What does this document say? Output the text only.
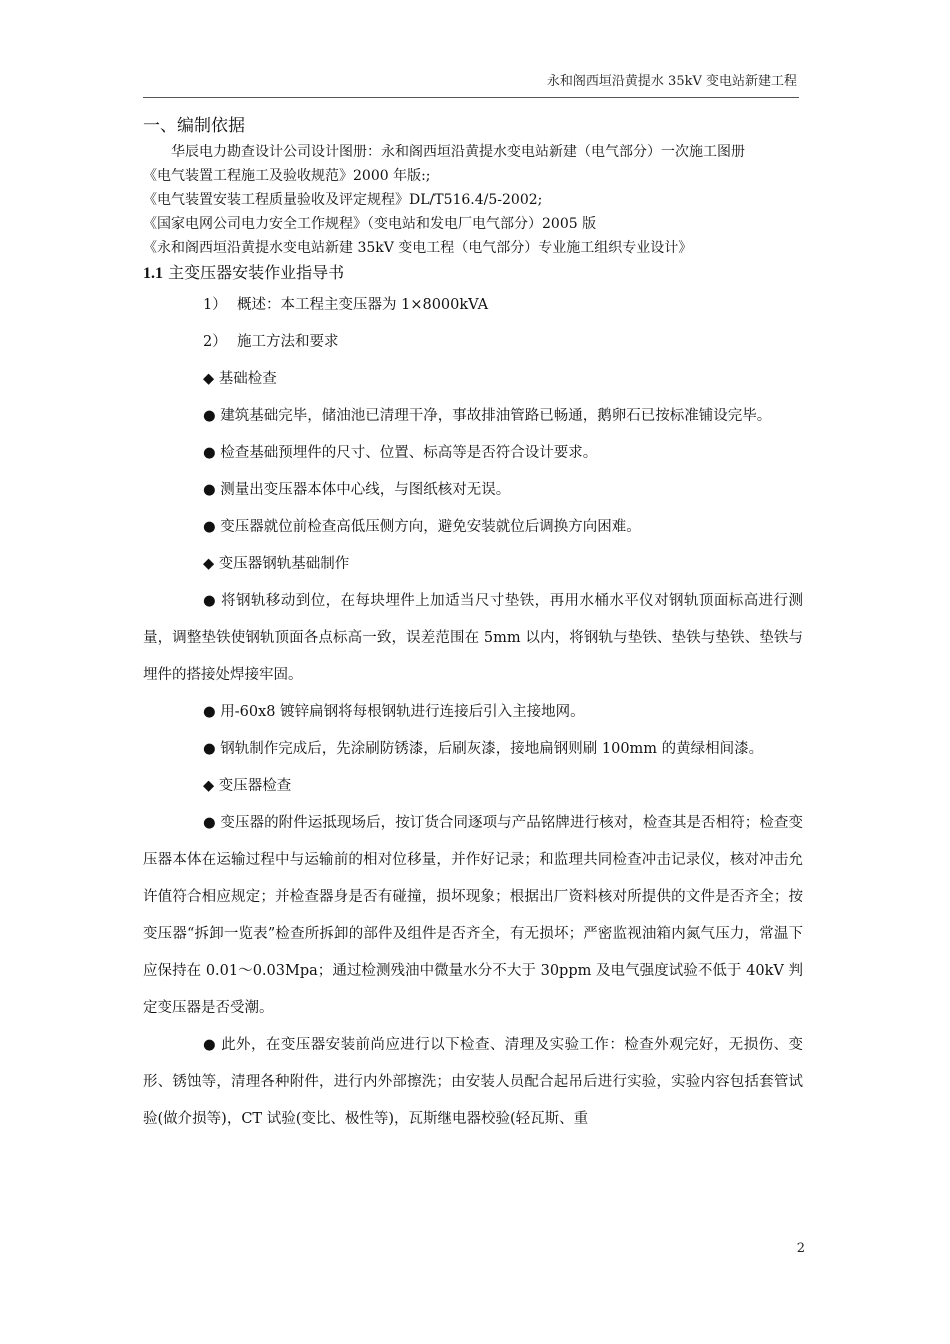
永和阁西垣沿黄提水 35kV 变电站新建工程

一、编制依据

华辰电力勘查设计公司设计图册：永和阁西垣沿黄提水变电站新建（电气部分）一次施工图册

《电气装置工程施工及验收规范》2000 年版:;

《电气装置安装工程质量验收及评定规程》DL/T516.4/5-2002;

《国家电网公司电力安全工作规程》（变电站和发电厂电气部分）2005 版

《永和阁西垣沿黄提水变电站新建 35kV 变电工程（电气部分）专业施工组织专业设计》

1.1 主变压器安装作业指导书

1） 概述：本工程主变压器为 1×8000kVA

2） 施工方法和要求

◆ 基础检查

● 建筑基础完毕，储油池已清理干净，事故排油管路已畅通，鹅卵石已按标准铺设完毕。

● 检查基础预埋件的尺寸、位置、标高等是否符合设计要求。

● 测量出变压器本体中心线，与图纸核对无误。

● 变压器就位前检查高低压侧方向，避免安装就位后调换方向困难。

◆ 变压器钢轨基础制作

● 将钢轨移动到位，在每块埋件上加适当尺寸垫铁，再用水桶水平仪对钢轨顶面标高进行测量，调整垫铁使钢轨顶面各点标高一致，误差范围在 5mm 以内，将钢轨与垫铁、垫铁与垫铁、垫铁与埋件的搭接处焊接牢固。

● 用-60x8 镀锌扁钢将每根钢轨进行连接后引入主接地网。

● 钢轨制作完成后，先涂刷防锈漆，后刷灰漆，接地扁钢则刷 100mm 的黄绿相间漆。

◆ 变压器检查

● 变压器的附件运抵现场后，按订货合同逐项与产品铭牌进行核对，检查其是否相符；检查变压器本体在运输过程中与运输前的相对位移量，并作好记录；和监理共同检查冲击记录仪，核对冲击允许值符合相应规定；并检查器身是否有碰撞，损坏现象；根据出厂资料核对所提供的文件是否齐全；按变压器“拆卸一览表”检查所拆卸的部件及组件是否齐全，有无损坏；严密监视油箱内氮气压力，常温下应保持在 0.01～0.03Mpa；通过检测残油中微量水分不大于 30ppm 及电气强度试验不低于 40kV 判定变压器是否受潮。

● 此外，在变压器安装前尚应进行以下检查、清理及实验工作：检查外观完好，无损伤、变形、锈蚀等，清理各种附件，进行内外部擦洗；由安装人员配合起吊后进行实验，实验内容包括套管试验(做介损等)，CT 试验(变比、极性等)，瓦斯继电器校验(轻瓦斯、重

2
